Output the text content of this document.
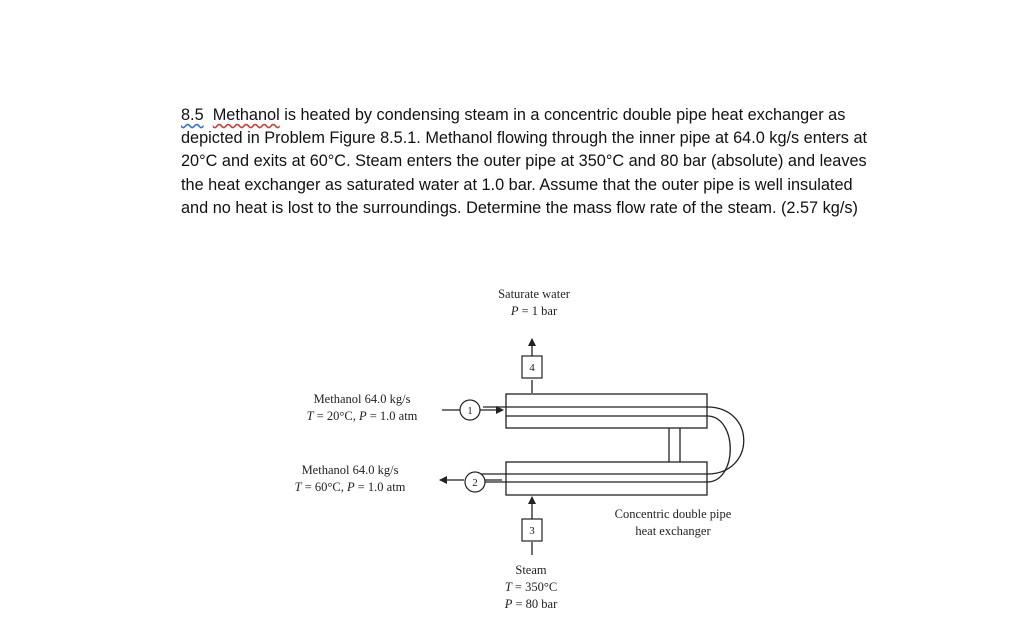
8.5 Methanol is heated by condensing steam in a concentric double pipe heat exchanger as depicted in Problem Figure 8.5.1. Methanol flowing through the inner pipe at 64.0 kg/s enters at 20°C and exits at 60°C. Steam enters the outer pipe at 350°C and 80 bar (absolute) and leaves the heat exchanger as saturated water at 1.0 bar. Assume that the outer pipe is well insulated and no heat is lost to the surroundings. Determine the mass flow rate of the steam. (2.57 kg/s)
Saturate water
P = 1 bar
4
1
2
3
Methanol 64.0 kg/s
T = 20°C, P = 1.0 atm
Methanol 64.0 kg/s
T = 60°C, P = 1.0 atm
Steam
T = 350°C
P = 80 bar
Concentric double pipe
heat exchanger
